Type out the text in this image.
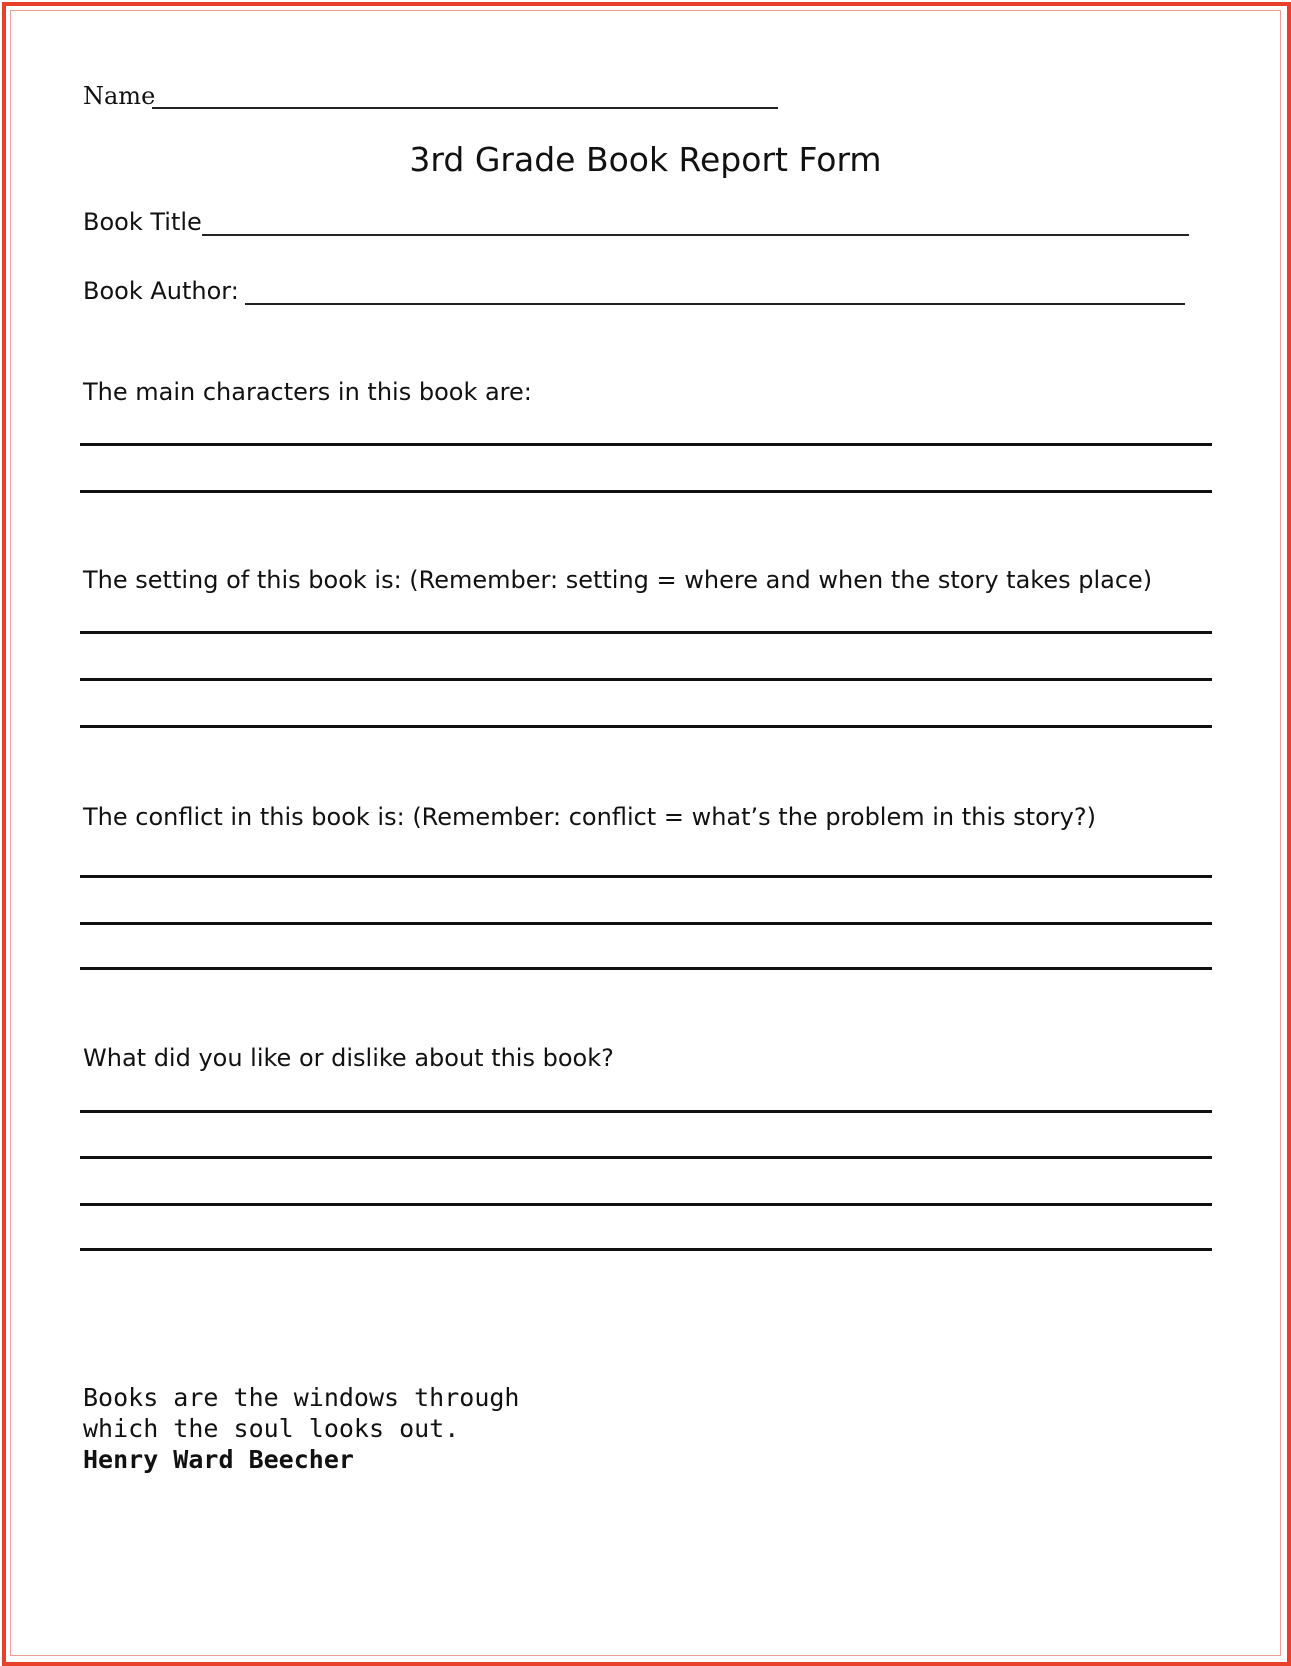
Name
3rd Grade Book Report Form
Book Title
Book Author:
The main characters in this book are:
The setting of this book is: (Remember: setting = where and when the story takes place)
The conflict in this book is: (Remember: conflict = what’s the problem in this story?)
What did you like or dislike about this book?
Books are the windows through
which the soul looks out.
Henry Ward Beecher
